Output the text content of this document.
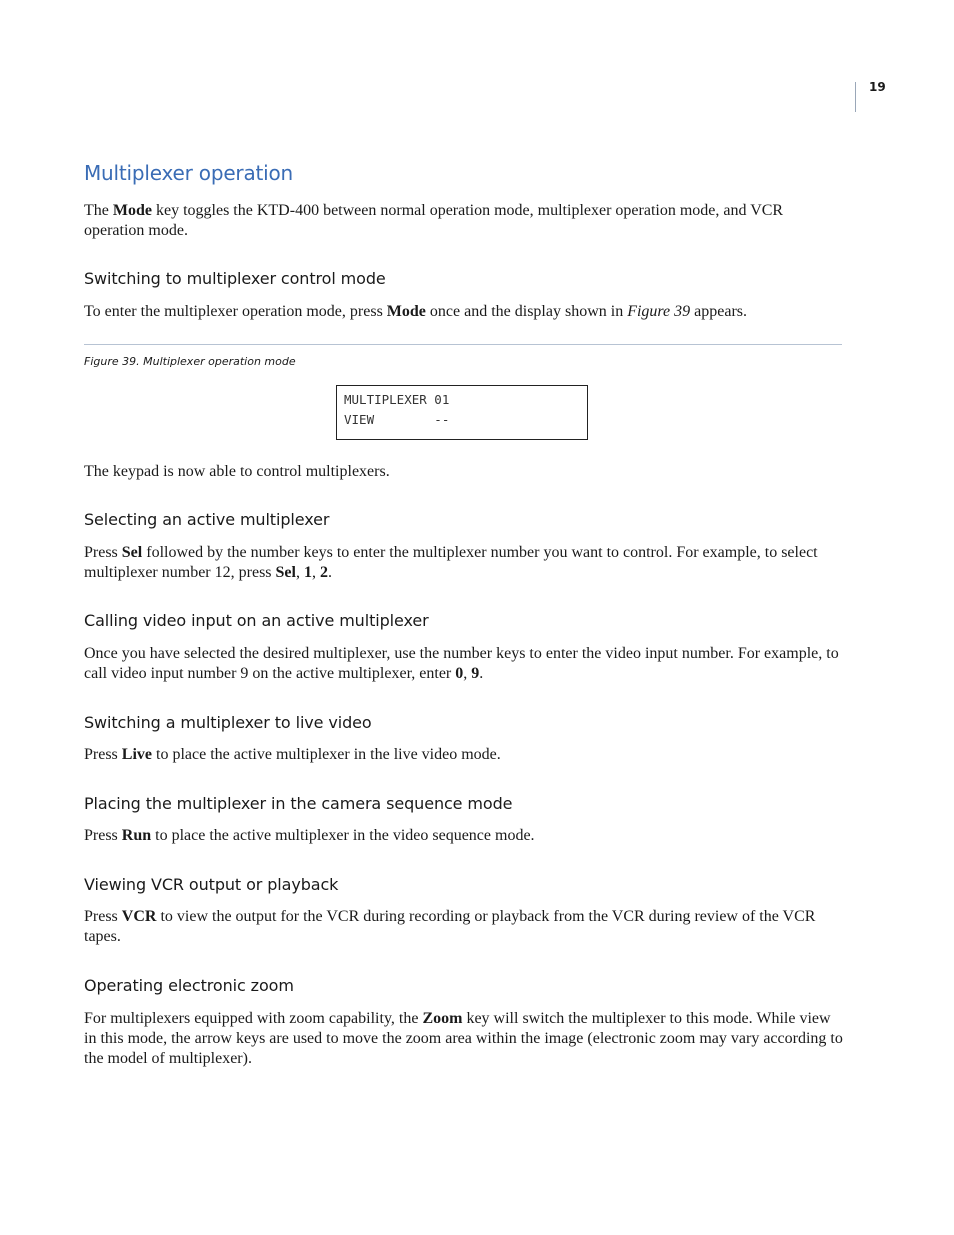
19
Multiplexer operation

The Mode key toggles the KTD-400 between normal operation mode, multiplexer operation mode, and VCR operation mode.

Switching to multiplexer control mode

To enter the multiplexer operation mode, press Mode once and the display shown in Figure 39 appears.

Figure 39. Multiplexer operation mode
MULTIPLEXER 01
VIEW        --

The keypad is now able to control multiplexers.

Selecting an active multiplexer

Press Sel followed by the number keys to enter the multiplexer number you want to control. For example, to select multiplexer number 12, press Sel, 1, 2.

Calling video input on an active multiplexer

Once you have selected the desired multiplexer, use the number keys to enter the video input number. For example, to call video input number 9 on the active multiplexer, enter 0, 9.

Switching a multiplexer to live video

Press Live to place the active multiplexer in the live video mode.

Placing the multiplexer in the camera sequence mode

Press Run to place the active multiplexer in the video sequence mode.

Viewing VCR output or playback

Press VCR to view the output for the VCR during recording or playback from the VCR during review of the VCR tapes.

Operating electronic zoom

For multiplexers equipped with zoom capability, the Zoom key will switch the multiplexer to this mode. While view in this mode, the arrow keys are used to move the zoom area within the image (electronic zoom may vary according to the model of multiplexer).
